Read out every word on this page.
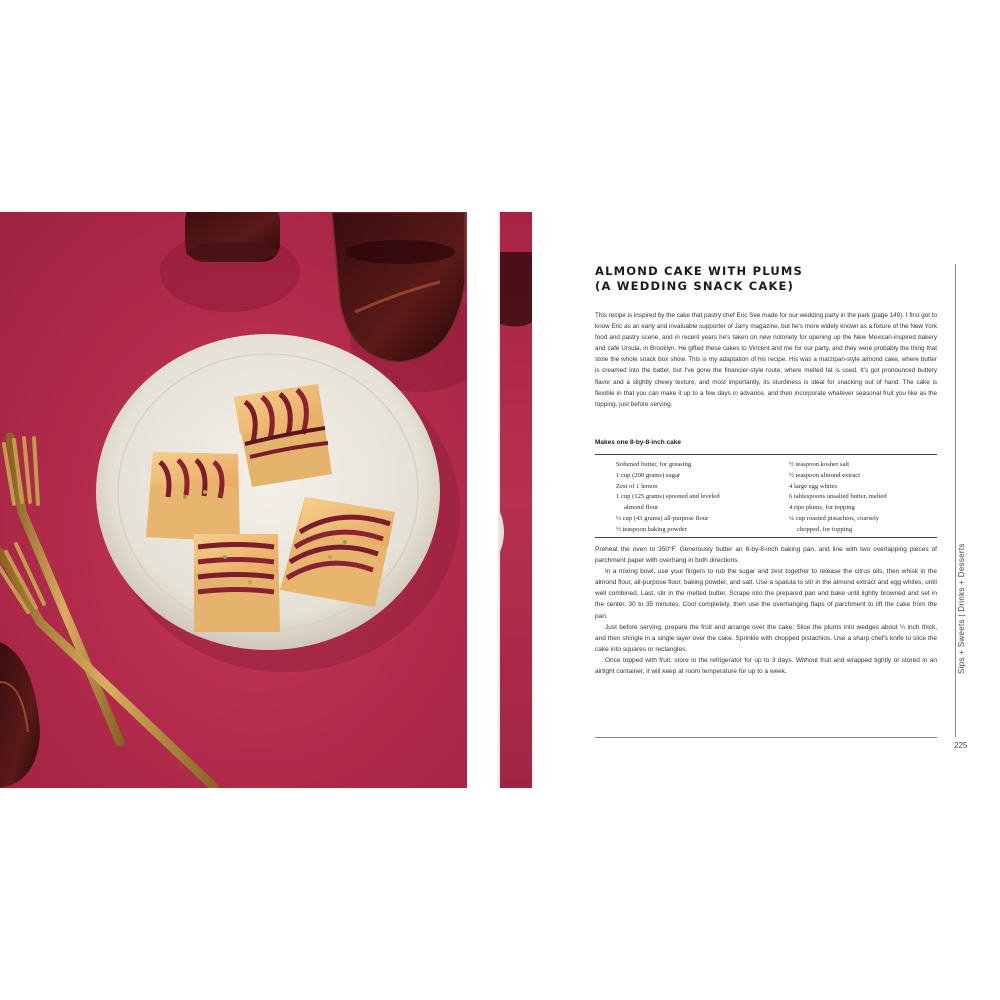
ALMOND CAKE WITH PLUMS
(A WEDDING SNACK CAKE)
This recipe is inspired by the cake that pastry chef Eric See made for our wedding party in the park (page 149). I first got to know Eric as an early and invaluable supporter of Jarry magazine, but he's more widely known as a fixture of the New York food and pastry scene, and in recent years he's taken on new notoriety for opening up the New Mexican-inspired bakery and café Ursula, in Brooklyn. He gifted these cakes to Vincent and me for our party, and they were probably the thing that stole the whole snack box show. This is my adaptation of his recipe. His was a marzipan-style almond cake, where butter is creamed into the batter, but I've gone the financier-style route, where melted fat is used. It's got pronounced buttery flavor and a slightly chewy texture, and most importantly, its sturdiness is ideal for snacking out of hand. The cake is flexible in that you can make it up to a few days in advance, and then incorporate whatever seasonal fruit you like as the topping, just before serving.
Makes one 8-by-8-inch cake
Softened butter, for greasing
1 cup (200 grams) sugar
Zest of 1 lemon
1 cup (125 grams) spooned and leveled
almond flour
⅓ cup (43 grams) all-purpose flour
½ teaspoon baking powder
½ teaspoon kosher salt
½ teaspoon almond extract
4 large egg whites
6 tablespoons unsalted butter, melted
4 ripe plums, for topping
¼ cup roasted pistachios, coarsely
chopped, for topping

Preheat the oven to 350°F. Generously butter an 8-by-8-inch baking pan, and line with two overlapping pieces of parchment paper with overhang in both directions.

In a mixing bowl, use your fingers to rub the sugar and zest together to release the citrus oils, then whisk in the almond flour, all-purpose flour, baking powder, and salt. Use a spatula to stir in the almond extract and egg whites, until well combined. Last, stir in the melted butter. Scrape into the prepared pan and bake until lightly browned and set in the center, 30 to 35 minutes. Cool completely, then use the overhanging flaps of parchment to lift the cake from the pan.

Just before serving, prepare the fruit and arrange over the cake: Slice the plums into wedges about ¼ inch thick, and then shingle in a single layer over the cake. Sprinkle with chopped pistachios. Use a sharp chef's knife to slice the cake into squares or rectangles.

Once topped with fruit, store in the refrigerator for up to 3 days. Without fruit and wrapped tightly or stored in an airtight container, it will keep at room temperature for up to a week.	Sips + Sweets | Drinks + Desserts
225
